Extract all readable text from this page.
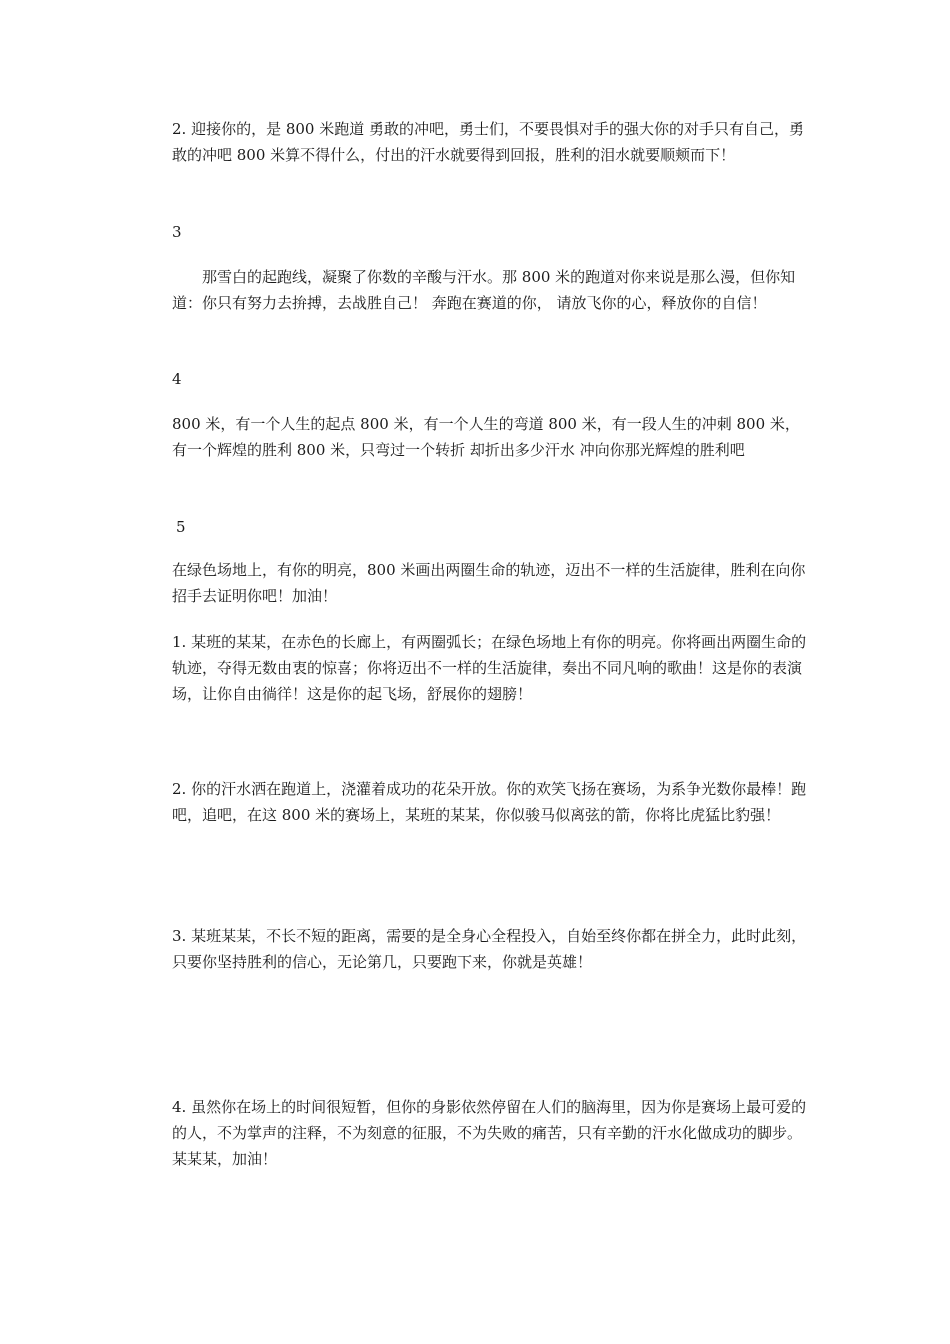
2. 迎接你的，是 800 米跑道 勇敢的冲吧，勇士们，不要畏惧对手的强大你的对手只有自己，勇敢的冲吧 800 米算不得什么，付出的汗水就要得到回报，胜利的泪水就要顺颊而下！

3

那雪白的起跑线，凝聚了你数的辛酸与汗水。那 800 米的跑道对你来说是那么漫，但你知道：你只有努力去拚搏，去战胜自己！ 奔跑在赛道的你， 请放飞你的心，释放你的自信！

4

800 米，有一个人生的起点 800 米，有一个人生的弯道 800 米，有一段人生的冲刺 800 米，有一个辉煌的胜利 800 米，只弯过一个转折 却折出多少汗水 冲向你那光辉煌的胜利吧

5

在绿色场地上，有你的明亮，800 米画出两圈生命的轨迹，迈出不一样的生活旋律，胜利在向你招手去证明你吧！加油！

1. 某班的某某，在赤色的长廊上，有两圈弧长；在绿色场地上有你的明亮。你将画出两圈生命的轨迹，夺得无数由衷的惊喜；你将迈出不一样的生活旋律，奏出不同凡响的歌曲！这是你的表演场，让你自由徜徉！这是你的起飞场，舒展你的翅膀！

2. 你的汗水洒在跑道上，浇灌着成功的花朵开放。你的欢笑飞扬在赛场，为系争光数你最棒！跑吧，追吧，在这 800 米的赛场上，某班的某某，你似骏马似离弦的箭，你将比虎猛比豹强！

3. 某班某某，不长不短的距离，需要的是全身心全程投入，自始至终你都在拼全力，此时此刻，只要你坚持胜利的信心，无论第几，只要跑下来，你就是英雄！

4. 虽然你在场上的时间很短暂，但你的身影依然停留在人们的脑海里，因为你是赛场上最可爱的的人，不为掌声的注释，不为刻意的征服，不为失败的痛苦，只有辛勤的汗水化做成功的脚步。某某某，加油！
